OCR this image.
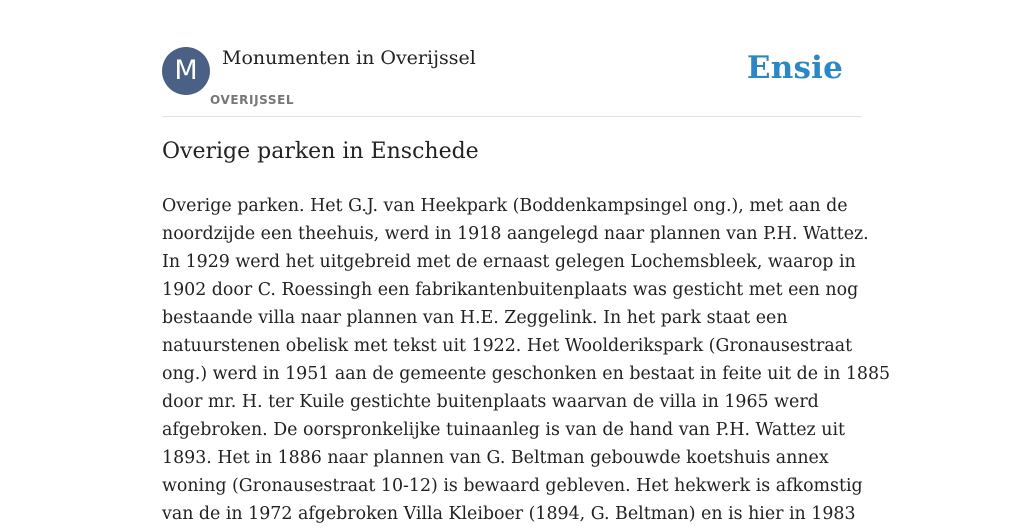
M	Monumenten in Overijssel
OVERIJSSEL
Ensie
Overige parken in Enschede
Overige parken. Het G.J. van Heekpark (Boddenkampsingel ong.), met aan de
noordzijde een theehuis, werd in 1918 aangelegd naar plannen van P.H. Wattez.
In 1929 werd het uitgebreid met de ernaast gelegen Lochemsbleek, waarop in
1902 door C. Roessingh een fabrikantenbuitenplaats was gesticht met een nog
bestaande villa naar plannen van H.E. Zeggelink. In het park staat een
natuurstenen obelisk met tekst uit 1922. Het Woolderikspark (Gronausestraat
ong.) werd in 1951 aan de gemeente geschonken en bestaat in feite uit de in 1885
door mr. H. ter Kuile gestichte buitenplaats waarvan de villa in 1965 werd
afgebroken. De oorspronkelijke tuinaanleg is van de hand van P.H. Wattez uit
1893. Het in 1886 naar plannen van G. Beltman gebouwde koetshuis annex
woning (Gronausestraat 10-12) is bewaard gebleven. Het hekwerk is afkomstig
van de in 1972 afgebroken Villa Kleiboer (1894, G. Beltman) en is hier in 1983
